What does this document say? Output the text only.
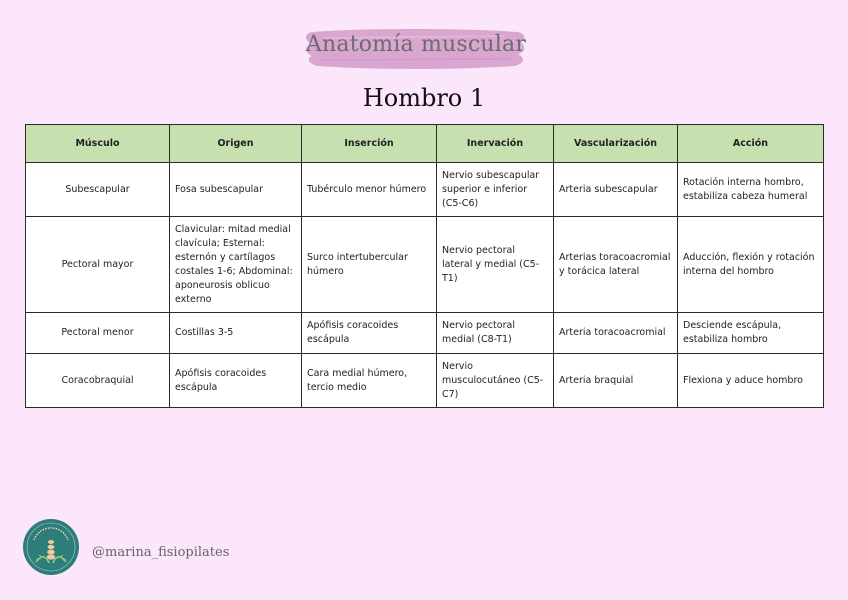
Anatomía muscular
Hombro 1
Músculo	Origen	Inserción	Inervación	Vascularización	Acción
Subescapular	Fosa subescapular	Tubérculo menor húmero	Nervio subescapular superior e inferior (C5-C6)	Arteria subescapular	Rotación interna hombro, estabiliza cabeza humeral
Pectoral mayor	Clavicular: mitad medial clavícula; Esternal: esternón y cartílagos costales 1-6; Abdominal: aponeurosis oblicuo externo	Surco intertubercular húmero	Nervio pectoral lateral y medial (C5-T1)	Arterias toracoacromial y torácica lateral	Aducción, flexión y rotación interna del hombro
Pectoral menor	Costillas 3-5	Apófisis coracoides escápula	Nervio pectoral medial (C8-T1)	Arteria toracoacromial	Desciende escápula, estabiliza hombro
Coracobraquial	Apófisis coracoides escápula	Cara medial húmero, tercio medio	Nervio musculocutáneo (C5-C7)	Arteria braquial	Flexiona y aduce hombro
@marina_fisiopilates
